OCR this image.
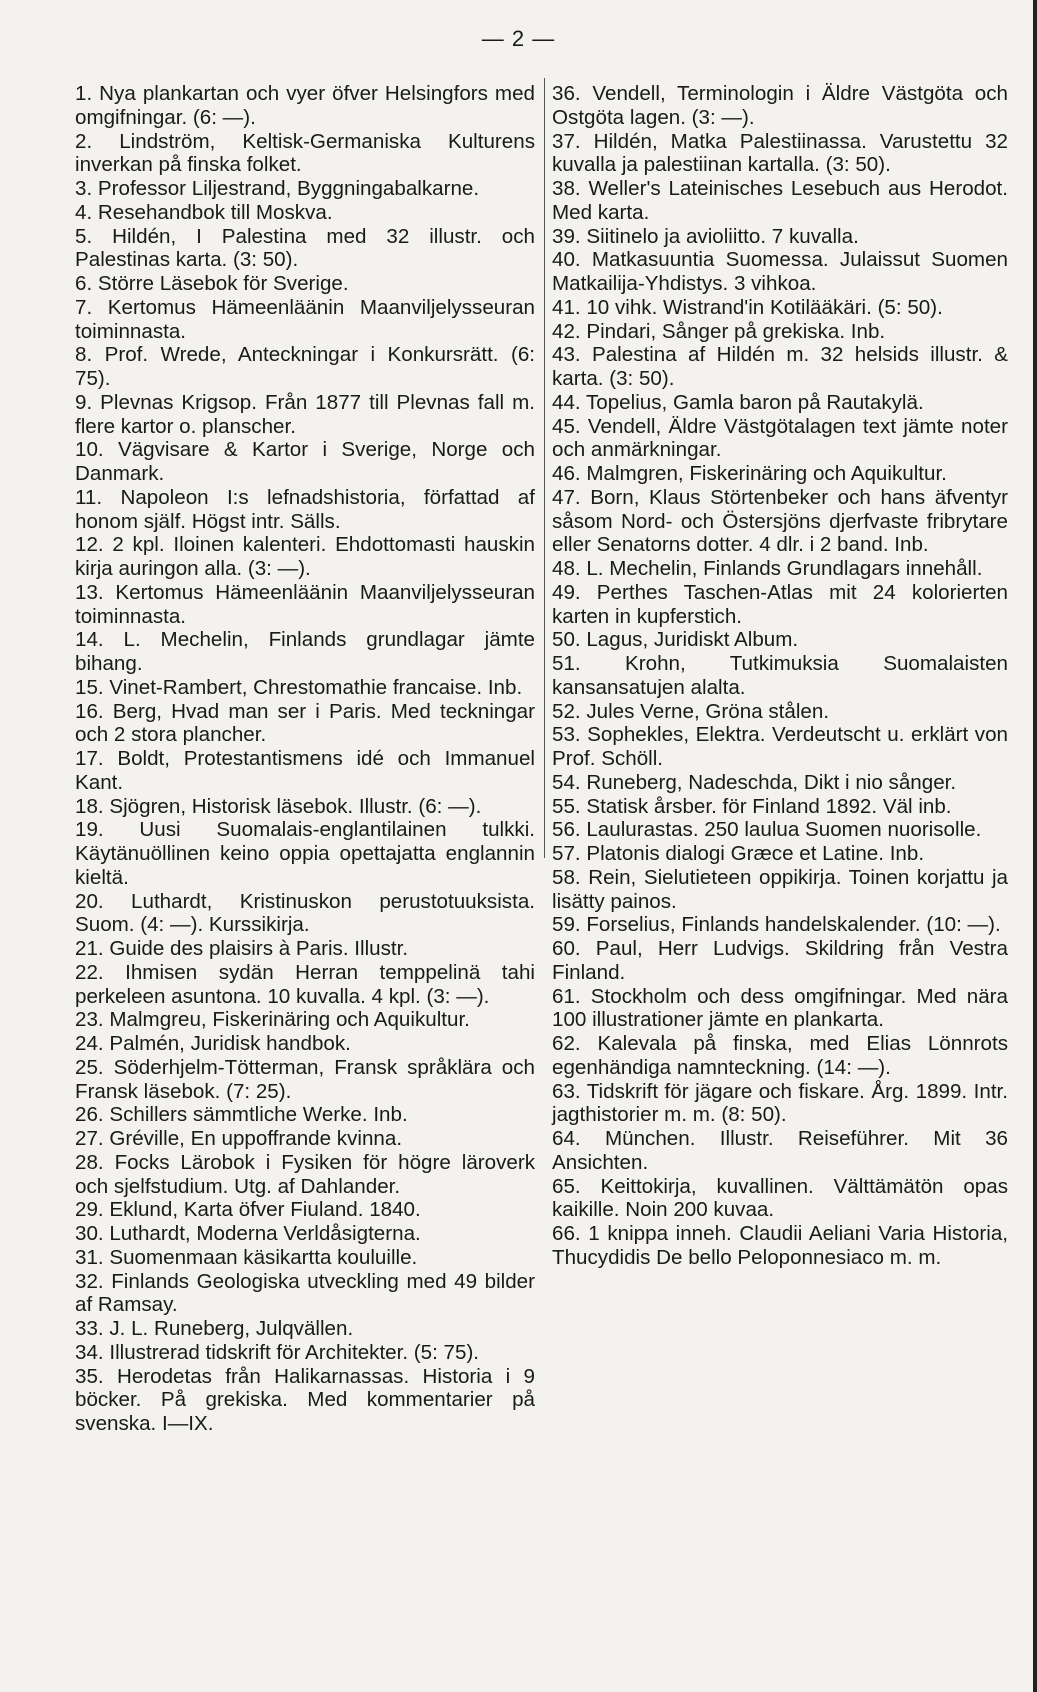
— 2 —

1. Nya plankartan och vyer öfver Helsingfors med omgifningar. (6: —).

2. Lindström, Keltisk-Germaniska Kulturens inverkan på finska folket.

3. Professor Liljestrand, Byggningabalkarne.

4. Resehandbok till Moskva.

5. Hildén, I Palestina med 32 illustr. och Palestinas karta. (3: 50).

6. Större Läsebok för Sverige.

7. Kertomus Hämeenläänin Maanviljelysseuran toiminnasta.

8. Prof. Wrede, Anteckningar i Konkursrätt. (6: 75).

9. Plevnas Krigsop. Från 1877 till Plevnas fall m. flere kartor o. planscher.

10. Vägvisare & Kartor i Sverige, Norge och Danmark.

11. Napoleon I:s lefnadshistoria, författad af honom själf. Högst intr. Sälls.

12. 2 kpl. Iloinen kalenteri. Ehdottomasti hauskin kirja auringon alla. (3: —).

13. Kertomus Hämeenläänin Maanviljelysseuran toiminnasta.

14. L. Mechelin, Finlands grundlagar jämte bihang.

15. Vinet-Rambert, Chrestomathie francaise. Inb.

16. Berg, Hvad man ser i Paris. Med teckningar och 2 stora plancher.

17. Boldt, Protestantismens idé och Immanuel Kant.

18. Sjögren, Historisk läsebok. Illustr. (6: —).

19. Uusi Suomalais-englantilainen tulkki. Käytänuöllinen keino oppia opettajatta englannin kieltä.

20. Luthardt, Kristinuskon perustotuuksista. Suom. (4: —). Kurssikirja.

21. Guide des plaisirs à Paris. Illustr.

22. Ihmisen sydän Herran temppelinä tahi perkeleen asuntona. 10 kuvalla. 4 kpl. (3: —).

23. Malmgreu, Fiskerinäring och Aquikultur.

24. Palmén, Juridisk handbok.

25. Söderhjelm-Tötterman, Fransk språklära och Fransk läsebok. (7: 25).

26. Schillers sämmtliche Werke. Inb.

27. Gréville, En uppoffrande kvinna.

28. Focks Lärobok i Fysiken för högre läroverk och sjelfstudium. Utg. af Dahlander.

29. Eklund, Karta öfver Fiuland. 1840.

30. Luthardt, Moderna Verldåsigterna.

31. Suomenmaan käsikartta kouluille.

32. Finlands Geologiska utveckling med 49 bilder af Ramsay.

33. J. L. Runeberg, Julqvällen.

34. Illustrerad tidskrift för Architekter. (5: 75).

35. Herodetas från Halikarnassas. Historia i 9 böcker. På grekiska. Med kommentarier på svenska. I—IX.

36. Vendell, Terminologin i Äldre Västgöta och Ostgöta lagen. (3: —).

37. Hildén, Matka Palestiinassa. Varustettu 32 kuvalla ja palestiinan kartalla. (3: 50).

38. Weller's Lateinisches Lesebuch aus Herodot. Med karta.

39. Siitinelo ja avioliitto. 7 kuvalla.

40. Matkasuuntia Suomessa. Julaissut Suomen Matkailija-Yhdistys. 3 vihkoa.

41. 10 vihk. Wistrand'in Kotilääkäri. (5: 50).

42. Pindari, Sånger på grekiska. Inb.

43. Palestina af Hildén m. 32 helsids illustr. & karta. (3: 50).

44. Topelius, Gamla baron på Rautakylä.

45. Vendell, Äldre Västgötalagen text jämte noter och anmärkningar.

46. Malmgren, Fiskerinäring och Aquikultur.

47. Born, Klaus Störtenbeker och hans äfventyr såsom Nord- och Östersjöns djerfvaste fribrytare eller Senatorns dotter. 4 dlr. i 2 band. Inb.

48. L. Mechelin, Finlands Grundlagars innehåll.

49. Perthes Taschen-Atlas mit 24 kolorierten karten in kupferstich.

50. Lagus, Juridiskt Album.

51. Krohn, Tutkimuksia Suomalaisten kansansatujen alalta.

52. Jules Verne, Gröna stålen.

53. Sophekles, Elektra. Verdeutscht u. erklärt von Prof. Schöll.

54. Runeberg, Nadeschda, Dikt i nio sånger.

55. Statisk årsber. för Finland 1892. Väl inb.

56. Laulurastas. 250 laulua Suomen nuorisolle.

57. Platonis dialogi Græce et Latine. Inb.

58. Rein, Sielutieteen oppikirja. Toinen korjattu ja lisätty painos.

59. Forselius, Finlands handelskalender. (10: —).

60. Paul, Herr Ludvigs. Skildring från Vestra Finland.

61. Stockholm och dess omgifningar. Med nära 100 illustrationer jämte en plankarta.

62. Kalevala på finska, med Elias Lönnrots egenhändiga namnteckning. (14: —).

63. Tidskrift för jägare och fiskare. Årg. 1899. Intr. jagthistorier m. m. (8: 50).

64. München. Illustr. Reiseführer. Mit 36 Ansichten.

65. Keittokirja, kuvallinen. Välttämätön opas kaikille. Noin 200 kuvaa.

66. 1 knippa inneh. Claudii Aeliani Varia Historia, Thucydidis De bello Peloponnesiaco m. m.
